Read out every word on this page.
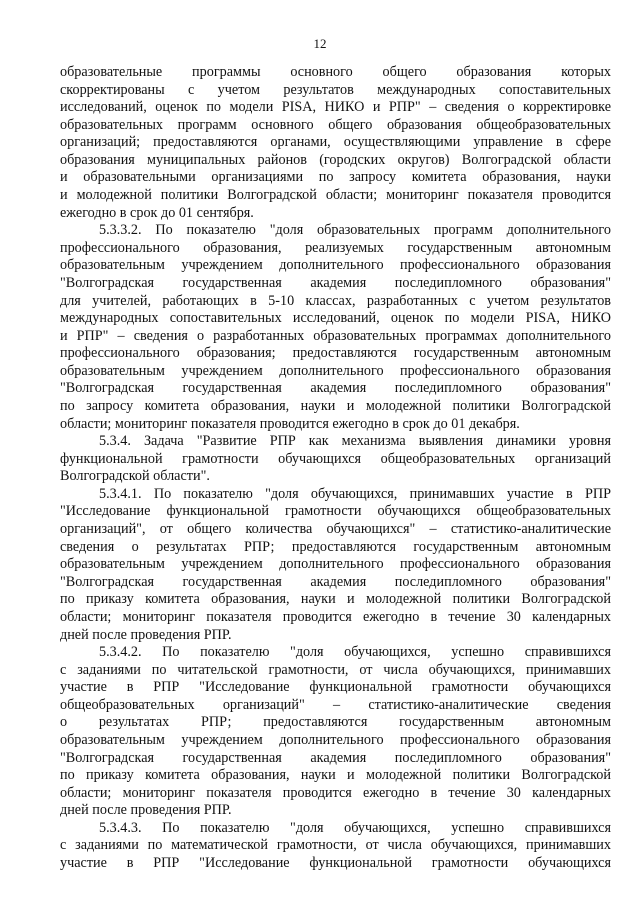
12
образовательные программы основного общего образования которых
скорректированы с учетом результатов международных сопоставительных
исследований, оценок по модели PISA, НИКО и РПР" – сведения о корректировке
образовательных программ основного общего образования общеобразовательных
организаций; предоставляются органами, осуществляющими управление в сфере
образования муниципальных районов (городских округов) Волгоградской области
и образовательными организациями по запросу комитета образования, науки
и молодежной политики Волгоградской области; мониторинг показателя проводится
ежегодно в срок до 01 сентября.
5.3.3.2. По показателю "доля образовательных программ дополнительного
профессионального образования, реализуемых государственным автономным
образовательным учреждением дополнительного профессионального образования
"Волгоградская государственная академия последипломного образования"
для учителей, работающих в 5-10 классах, разработанных с учетом результатов
международных сопоставительных исследований, оценок по модели PISA, НИКО
и РПР" – сведения о разработанных образовательных программах дополнительного
профессионального образования; предоставляются государственным автономным
образовательным учреждением дополнительного профессионального образования
"Волгоградская государственная академия последипломного образования"
по запросу комитета образования, науки и молодежной политики Волгоградской
области; мониторинг показателя проводится ежегодно в срок до 01 декабря.
5.3.4. Задача "Развитие РПР как механизма выявления динамики уровня
функциональной грамотности обучающихся общеобразовательных организаций
Волгоградской области".
5.3.4.1. По показателю "доля обучающихся, принимавших участие в РПР
"Исследование функциональной грамотности обучающихся общеобразовательных
организаций", от общего количества обучающихся" – статистико-аналитические
сведения о результатах РПР; предоставляются государственным автономным
образовательным учреждением дополнительного профессионального образования
"Волгоградская государственная академия последипломного образования"
по приказу комитета образования, науки и молодежной политики Волгоградской
области; мониторинг показателя проводится ежегодно в течение 30 календарных
дней после проведения РПР.
5.3.4.2. По показателю "доля обучающихся, успешно справившихся
с заданиями по читательской грамотности, от числа обучающихся, принимавших
участие в РПР "Исследование функциональной грамотности обучающихся
общеобразовательных организаций" – статистико-аналитические сведения
о результатах РПР; предоставляются государственным автономным
образовательным учреждением дополнительного профессионального образования
"Волгоградская государственная академия последипломного образования"
по приказу комитета образования, науки и молодежной политики Волгоградской
области; мониторинг показателя проводится ежегодно в течение 30 календарных
дней после проведения РПР.
5.3.4.3. По показателю "доля обучающихся, успешно справившихся
с заданиями по математической грамотности, от числа обучающихся, принимавших
участие в РПР "Исследование функциональной грамотности обучающихся
